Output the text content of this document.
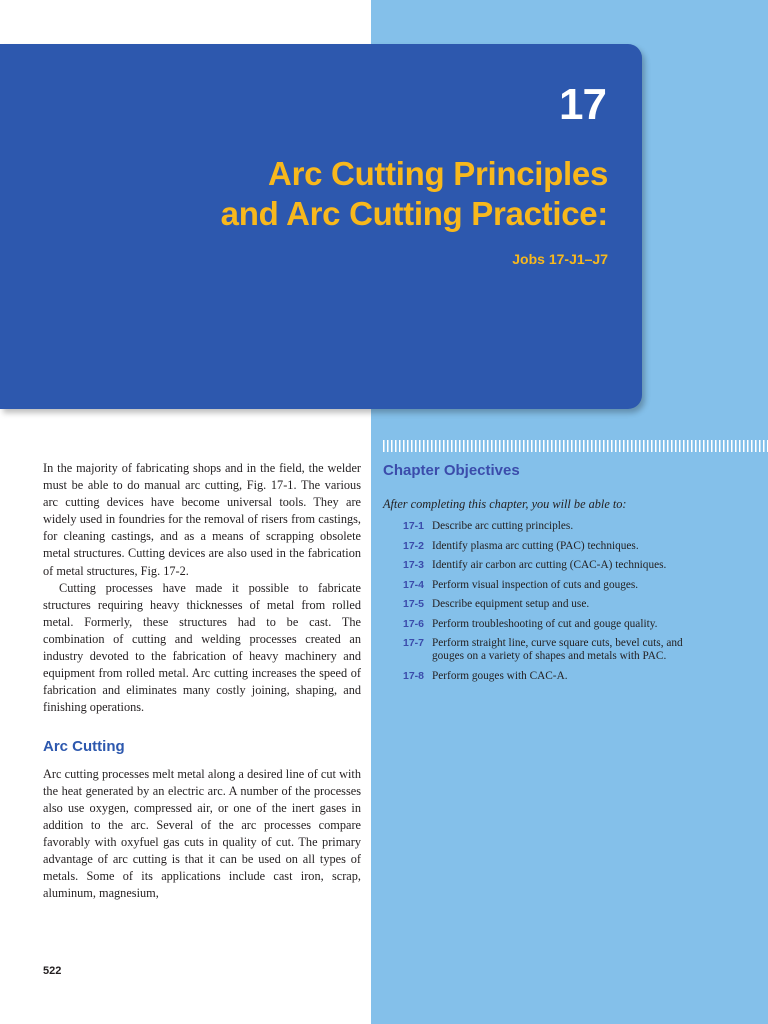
17
Arc Cutting Principles
and Arc Cutting Practice:

Jobs 17-J1–J7

In the majority of fabricating shops and in the field, the welder must be able to do manual arc cutting, Fig. 17-1. The various arc cutting devices have become universal tools. They are widely used in foundries for the removal of risers from castings, for cleaning castings, and as a means of scrapping obsolete metal structures. Cutting devices are also used in the fabrication of metal structures, Fig. 17-2.

Cutting processes have made it possible to fabricate structures requiring heavy thicknesses of metal from rolled metal. Formerly, these structures had to be cast. The combination of cutting and welding processes created an industry devoted to the fabrication of heavy machinery and equipment from rolled metal. Arc cutting increases the speed of fabrication and eliminates many costly joining, shaping, and finishing operations.

Arc Cutting

Arc cutting processes melt metal along a desired line of cut with the heat generated by an electric arc. A number of the processes also use oxygen, compressed air, or one of the inert gases in addition to the arc. Several of the arc processes compare favorably with oxyfuel gas cuts in quality of cut. The primary advantage of arc cutting is that it can be used on all types of metals. Some of its applications include cast iron, scrap, aluminum, magnesium,

522

Chapter Objectives

After completing this chapter, you will be able to:

17-1 Describe arc cutting principles.
17-2 Identify plasma arc cutting (PAC) techniques.
17-3 Identify air carbon arc cutting (CAC-A) techniques.
17-4 Perform visual inspection of cuts and gouges.
17-5 Describe equipment setup and use.
17-6 Perform troubleshooting of cut and gouge quality.
17-7 Perform straight line, curve square cuts, bevel cuts, and gouges on a variety of shapes and metals with PAC.
17-8 Perform gouges with CAC-A.
